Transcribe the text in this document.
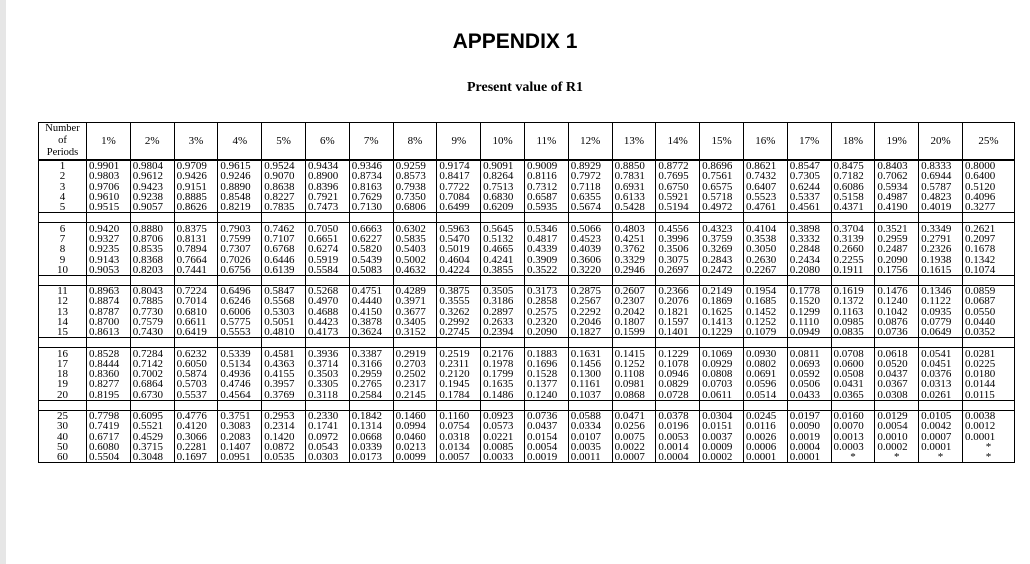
APPENDIX 1
Present value of R1
Number
of
Periods	1%	2%	3%	4%	5%	6%	7%	8%	9%	10%	11%	12%	13%	14%	15%	16%	17%	18%	19%	20%	25%
1	0.9901	0.9804	0.9709	0.9615	0.9524	0.9434	0.9346	0.9259	0.9174	0.9091	0.9009	0.8929	0.8850	0.8772	0.8696	0.8621	0.8547	0.8475	0.8403	0.8333	0.8000
2	0.9803	0.9612	0.9426	0.9246	0.9070	0.8900	0.8734	0.8573	0.8417	0.8264	0.8116	0.7972	0.7831	0.7695	0.7561	0.7432	0.7305	0.7182	0.7062	0.6944	0.6400
3	0.9706	0.9423	0.9151	0.8890	0.8638	0.8396	0.8163	0.7938	0.7722	0.7513	0.7312	0.7118	0.6931	0.6750	0.6575	0.6407	0.6244	0.6086	0.5934	0.5787	0.5120
4	0.9610	0.9238	0.8885	0.8548	0.8227	0.7921	0.7629	0.7350	0.7084	0.6830	0.6587	0.6355	0.6133	0.5921	0.5718	0.5523	0.5337	0.5158	0.4987	0.4823	0.4096
5	0.9515	0.9057	0.8626	0.8219	0.7835	0.7473	0.7130	0.6806	0.6499	0.6209	0.5935	0.5674	0.5428	0.5194	0.4972	0.4761	0.4561	0.4371	0.4190	0.4019	0.3277

6	0.9420	0.8880	0.8375	0.7903	0.7462	0.7050	0.6663	0.6302	0.5963	0.5645	0.5346	0.5066	0.4803	0.4556	0.4323	0.4104	0.3898	0.3704	0.3521	0.3349	0.2621
7	0.9327	0.8706	0.8131	0.7599	0.7107	0.6651	0.6227	0.5835	0.5470	0.5132	0.4817	0.4523	0.4251	0.3996	0.3759	0.3538	0.3332	0.3139	0.2959	0.2791	0.2097
8	0.9235	0.8535	0.7894	0.7307	0.6768	0.6274	0.5820	0.5403	0.5019	0.4665	0.4339	0.4039	0.3762	0.3506	0.3269	0.3050	0.2848	0.2660	0.2487	0.2326	0.1678
9	0.9143	0.8368	0.7664	0.7026	0.6446	0.5919	0.5439	0.5002	0.4604	0.4241	0.3909	0.3606	0.3329	0.3075	0.2843	0.2630	0.2434	0.2255	0.2090	0.1938	0.1342
10	0.9053	0.8203	0.7441	0.6756	0.6139	0.5584	0.5083	0.4632	0.4224	0.3855	0.3522	0.3220	0.2946	0.2697	0.2472	0.2267	0.2080	0.1911	0.1756	0.1615	0.1074

11	0.8963	0.8043	0.7224	0.6496	0.5847	0.5268	0.4751	0.4289	0.3875	0.3505	0.3173	0.2875	0.2607	0.2366	0.2149	0.1954	0.1778	0.1619	0.1476	0.1346	0.0859
12	0.8874	0.7885	0.7014	0.6246	0.5568	0.4970	0.4440	0.3971	0.3555	0.3186	0.2858	0.2567	0.2307	0.2076	0.1869	0.1685	0.1520	0.1372	0.1240	0.1122	0.0687
13	0.8787	0.7730	0.6810	0.6006	0.5303	0.4688	0.4150	0.3677	0.3262	0.2897	0.2575	0.2292	0.2042	0.1821	0.1625	0.1452	0.1299	0.1163	0.1042	0.0935	0.0550
14	0.8700	0.7579	0.6611	0.5775	0.5051	0.4423	0.3878	0.3405	0.2992	0.2633	0.2320	0.2046	0.1807	0.1597	0.1413	0.1252	0.1110	0.0985	0.0876	0.0779	0.0440
15	0.8613	0.7430	0.6419	0.5553	0.4810	0.4173	0.3624	0.3152	0.2745	0.2394	0.2090	0.1827	0.1599	0.1401	0.1229	0.1079	0.0949	0.0835	0.0736	0.0649	0.0352

16	0.8528	0.7284	0.6232	0.5339	0.4581	0.3936	0.3387	0.2919	0.2519	0.2176	0.1883	0.1631	0.1415	0.1229	0.1069	0.0930	0.0811	0.0708	0.0618	0.0541	0.0281
17	0.8444	0.7142	0.6050	0.5134	0.4363	0.3714	0.3166	0.2703	0.2311	0.1978	0.1696	0.1456	0.1252	0.1078	0.0929	0.0802	0.0693	0.0600	0.0520	0.0451	0.0225
18	0.8360	0.7002	0.5874	0.4936	0.4155	0.3503	0.2959	0.2502	0.2120	0.1799	0.1528	0.1300	0.1108	0.0946	0.0808	0.0691	0.0592	0.0508	0.0437	0.0376	0.0180
19	0.8277	0.6864	0.5703	0.4746	0.3957	0.3305	0.2765	0.2317	0.1945	0.1635	0.1377	0.1161	0.0981	0.0829	0.0703	0.0596	0.0506	0.0431	0.0367	0.0313	0.0144
20	0.8195	0.6730	0.5537	0.4564	0.3769	0.3118	0.2584	0.2145	0.1784	0.1486	0.1240	0.1037	0.0868	0.0728	0.0611	0.0514	0.0433	0.0365	0.0308	0.0261	0.0115

25	0.7798	0.6095	0.4776	0.3751	0.2953	0.2330	0.1842	0.1460	0.1160	0.0923	0.0736	0.0588	0.0471	0.0378	0.0304	0.0245	0.0197	0.0160	0.0129	0.0105	0.0038
30	0.7419	0.5521	0.4120	0.3083	0.2314	0.1741	0.1314	0.0994	0.0754	0.0573	0.0437	0.0334	0.0256	0.0196	0.0151	0.0116	0.0090	0.0070	0.0054	0.0042	0.0012
40	0.6717	0.4529	0.3066	0.2083	0.1420	0.0972	0.0668	0.0460	0.0318	0.0221	0.0154	0.0107	0.0075	0.0053	0.0037	0.0026	0.0019	0.0013	0.0010	0.0007	0.0001
50	0.6080	0.3715	0.2281	0.1407	0.0872	0.0543	0.0339	0.0213	0.0134	0.0085	0.0054	0.0035	0.0022	0.0014	0.0009	0.0006	0.0004	0.0003	0.0002	0.0001	*
60	0.5504	0.3048	0.1697	0.0951	0.0535	0.0303	0.0173	0.0099	0.0057	0.0033	0.0019	0.0011	0.0007	0.0004	0.0002	0.0001	0.0001	*	*	*	*
